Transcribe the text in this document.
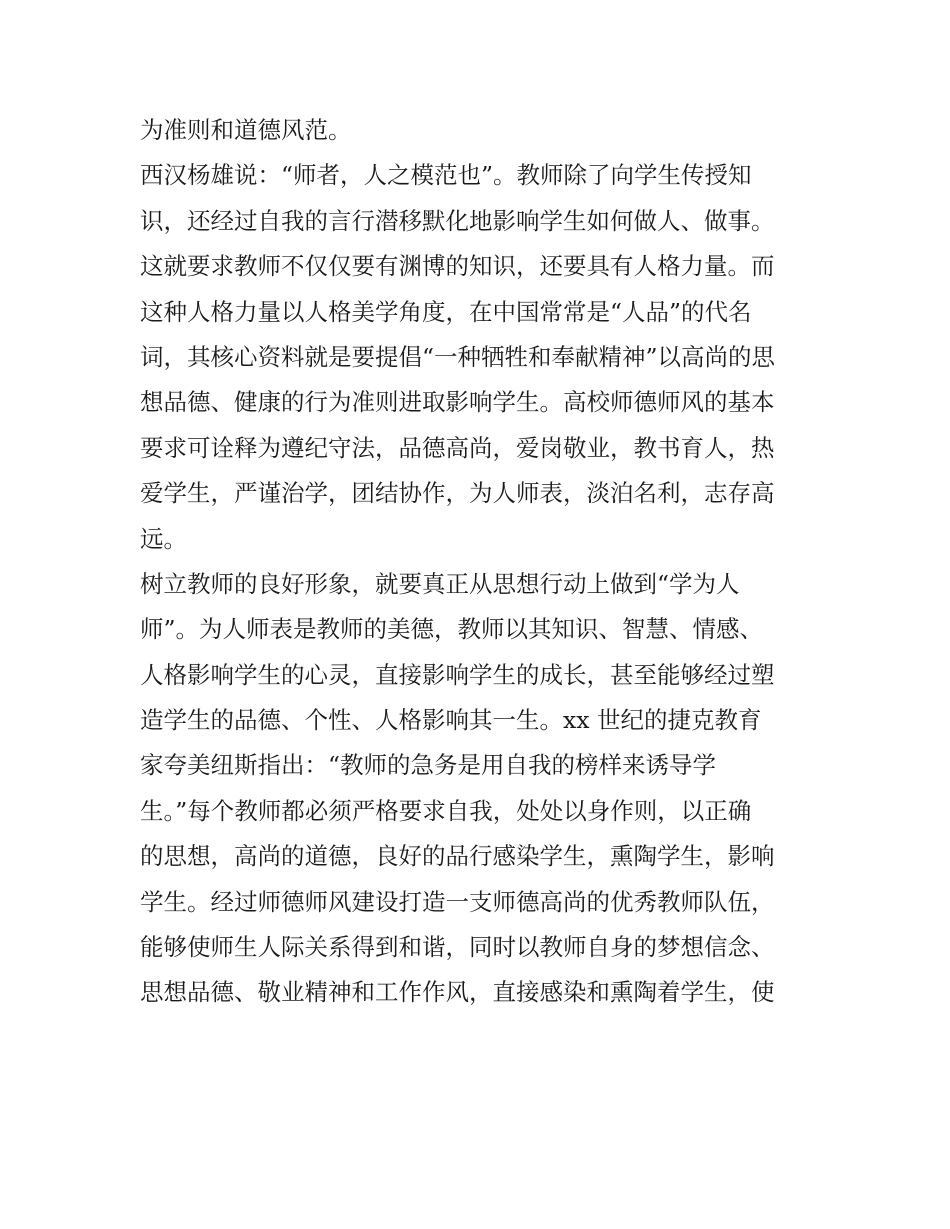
为准则和道德风范。
西汉杨雄说：“师者，人之模范也”。教师除了向学生传授知
识，还经过自我的言行潜移默化地影响学生如何做人、做事。
这就要求教师不仅仅要有渊博的知识，还要具有人格力量。而
这种人格力量以人格美学角度，在中国常常是“人品”的代名
词，其核心资料就是要提倡“一种牺牲和奉献精神”以高尚的思
想品德、健康的行为准则进取影响学生。高校师德师风的基本
要求可诠释为遵纪守法，品德高尚，爱岗敬业，教书育人，热
爱学生，严谨治学，团结协作，为人师表，淡泊名利，志存高
远。
树立教师的良好形象，就要真正从思想行动上做到“学为人
师”。为人师表是教师的美德，教师以其知识、智慧、情感、
人格影响学生的心灵，直接影响学生的成长，甚至能够经过塑
造学生的品德、个性、人格影响其一生。xx 世纪的捷克教育
家夸美纽斯指出：“教师的急务是用自我的榜样来诱导学
生。”每个教师都必须严格要求自我，处处以身作则，以正确
的思想，高尚的道德，良好的品行感染学生，熏陶学生，影响
学生。经过师德师风建设打造一支师德高尚的优秀教师队伍，
能够使师生人际关系得到和谐，同时以教师自身的梦想信念、
思想品德、敬业精神和工作作风，直接感染和熏陶着学生，使
